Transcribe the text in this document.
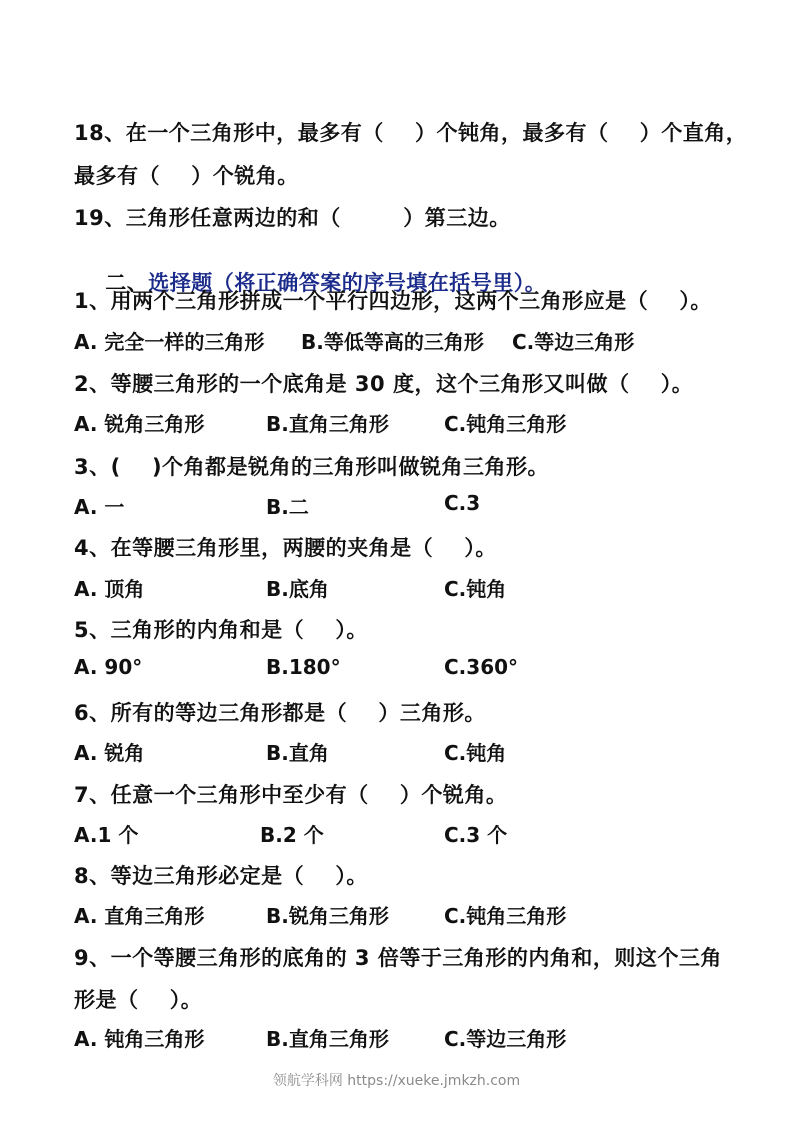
18、在一个三角形中，最多有（    ）个钝角，最多有（    ）个直角，
最多有（    ）个锐角。
19、三角形任意两边的和（        ）第三边。

二、选择题（将正确答案的序号填在括号里）。

1、用两个三角形拼成一个平行四边形，这两个三角形应是（    ）。
A. 完全一样的三角形 B.等低等高的三角形 C.等边三角形
2、等腰三角形的一个底角是 30 度，这个三角形又叫做（    ）。
A. 锐角三角形	B.直角三角形	C.钝角三角形
3、(    )个角都是锐角的三角形叫做锐角三角形。
A. 一	B.二	C.3
4、在等腰三角形里，两腰的夹角是（    ）。
A. 顶角	B.底角	C.钝角
5、三角形的内角和是（    ）。
A. 90°	B.180°	C.360°
6、所有的等边三角形都是（    ）三角形。
A. 锐角	B.直角	C.钝角
7、任意一个三角形中至少有（    ）个锐角。
A.1 个	B.2 个	C.3 个
8、等边三角形必定是（    ）。
A. 直角三角形	B.锐角三角形	C.钝角三角形
9、一个等腰三角形的底角的 3 倍等于三角形的内角和，则这个三角
形是（    ）。
A. 钝角三角形	B.直角三角形	C.等边三角形
领航学科网 https://xueke.jmkzh.com
